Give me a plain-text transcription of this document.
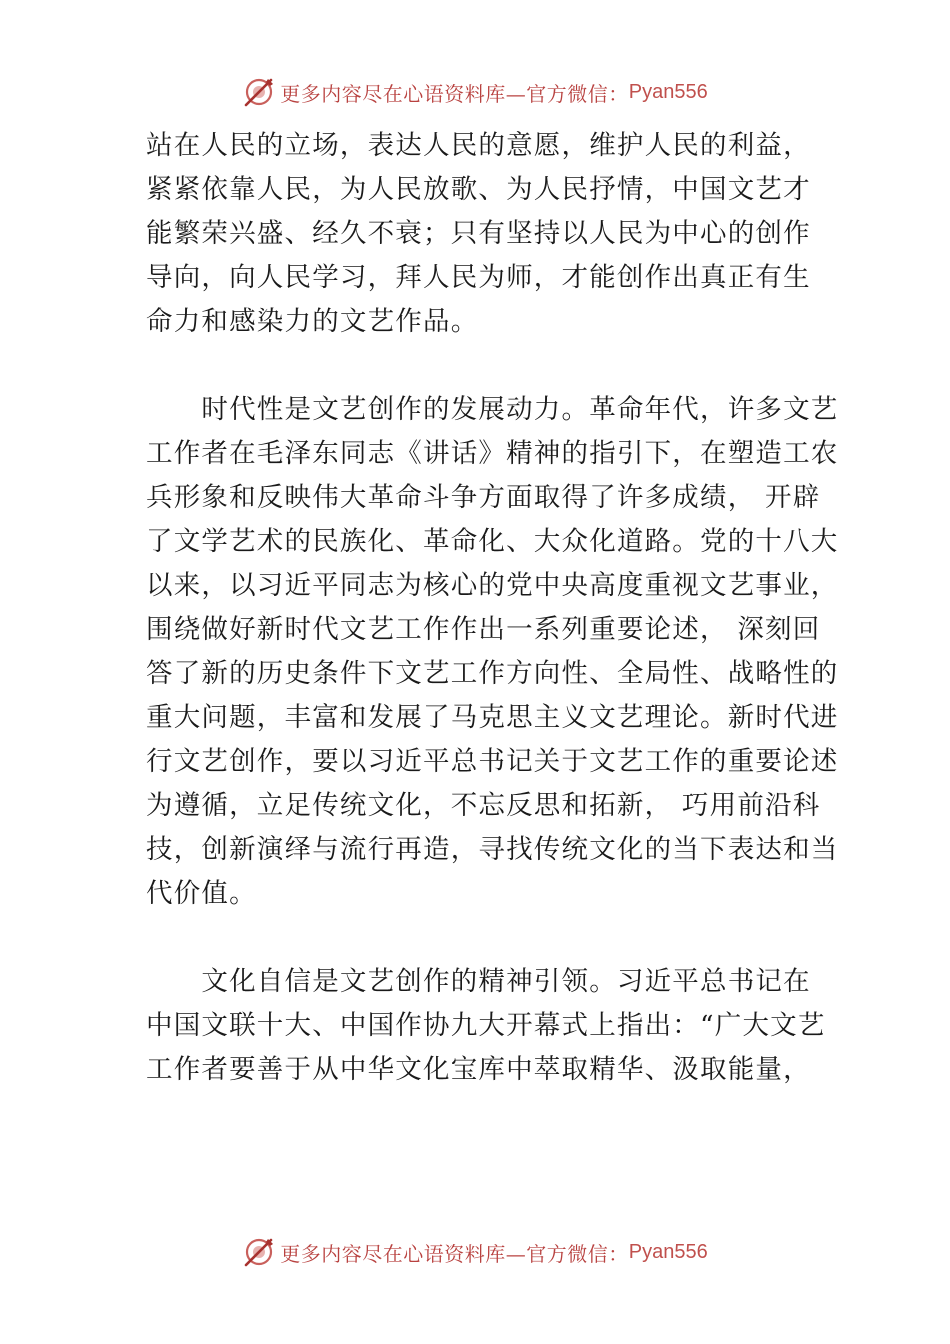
更多内容尽在心语资料库—官方微信： Pyan556
站在人民的立场，表达人民的意愿，维护人民的利益，
紧紧依靠人民，为人民放歌、为人民抒情，中国文艺才
能繁荣兴盛、经久不衰；只有坚持以人民为中心的创作
导向，向人民学习，拜人民为师，才能创作出真正有生
命力和感染力的文艺作品。
　　时代性是文艺创作的发展动力。革命年代，许多文艺
工作者在毛泽东同志《讲话》精神的指引下，在塑造工农
兵形象和反映伟大革命斗争方面取得了许多成绩， 开辟
了文学艺术的民族化、革命化、大众化道路。党的十八大
以来，以习近平同志为核心的党中央高度重视文艺事业，
围绕做好新时代文艺工作作出一系列重要论述， 深刻回
答了新的历史条件下文艺工作方向性、全局性、战略性的
重大问题，丰富和发展了马克思主义文艺理论。新时代进
行文艺创作，要以习近平总书记关于文艺工作的重要论述
为遵循，立足传统文化，不忘反思和拓新， 巧用前沿科
技，创新演绎与流行再造，寻找传统文化的当下表达和当
代价值。
　　文化自信是文艺创作的精神引领。习近平总书记在
中国文联十大、中国作协九大开幕式上指出：“广大文艺
工作者要善于从中华文化宝库中萃取精华、汲取能量，
更多内容尽在心语资料库—官方微信： Pyan556
